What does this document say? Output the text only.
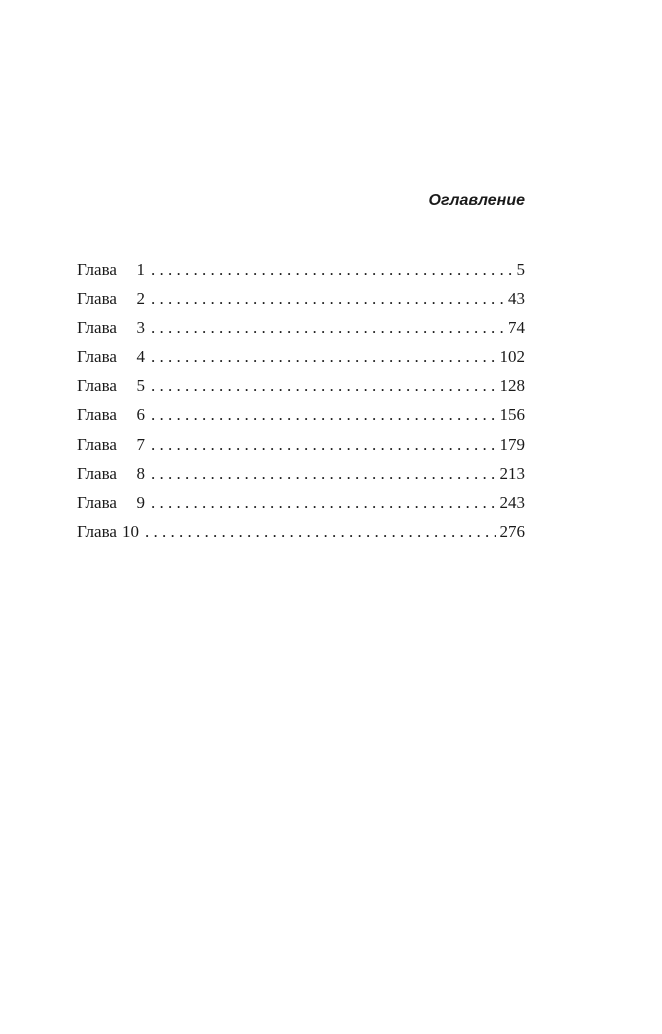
Оглавление
Глава	1 . . .	5
Глава	2 . . .	43
Глава	3 . . .	74
Глава	4 . . .	102
Глава	5 . . .	128
Глава	6 . . .	156
Глава	7 . . .	179
Глава	8 . . .	213
Глава	9 . . .	243
Глава 10 . . .	276
